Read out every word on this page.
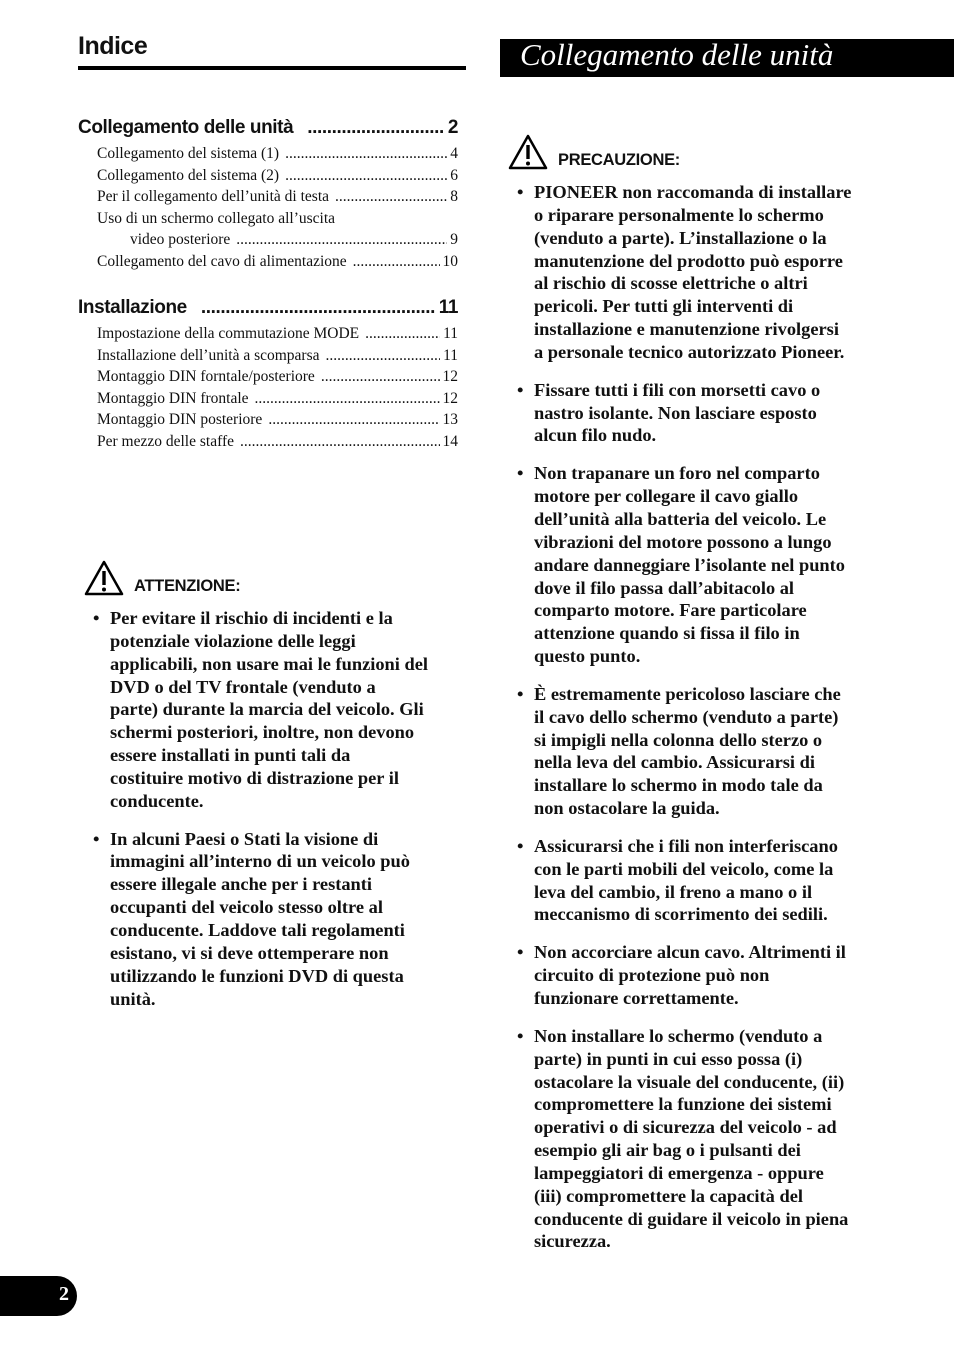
Indice	Collegamento delle unità
Collegamento delle unità .....	2
Collegamento del sistema (1) .....	4
Collegamento del sistema (2) .....	6
Per il collegamento dell’unità di testa .....	8
Uso di un schermo collegato all’uscita
video posteriore .....	9
Collegamento del cavo di alimentazione .....	10
Installazione .....	11
Impostazione della commutazione MODE .....	11
Installazione dell’unità a scomparsa .....	11
Montaggio DIN forntale/posteriore .....	12
Montaggio DIN frontale .....	12
Montaggio DIN posteriore .....	13
Per mezzo delle staffe .....	14
ATTENZIONE:
• Per evitare il rischio di incidenti e la
potenziale violazione delle leggi
applicabili, non usare mai le funzioni del
DVD o del TV frontale (venduto a
parte) durante la marcia del veicolo. Gli
schermi posteriori, inoltre, non devono
essere installati in punti tali da
costituire motivo di distrazione per il
conducente.
• In alcuni Paesi o Stati la visione di
immagini all’interno di un veicolo può
essere illegale anche per i restanti
occupanti del veicolo stesso oltre al
conducente. Laddove tali regolamenti
esistano, vi si deve ottemperare non
utilizzando le funzioni DVD di questa
unità.
PRECAUZIONE:
• PIONEER non raccomanda di installare
o riparare personalmente lo schermo
(venduto a parte). L’installazione o la
manutenzione del prodotto può esporre
al rischio di scosse elettriche o altri
pericoli. Per tutti gli interventi di
installazione e manutenzione rivolgersi
a personale tecnico autorizzato Pioneer.
• Fissare tutti i fili con morsetti cavo o
nastro isolante. Non lasciare esposto
alcun filo nudo.
• Non trapanare un foro nel comparto
motore per collegare il cavo giallo
dell’unità alla batteria del veicolo. Le
vibrazioni del motore possono a lungo
andare danneggiare l’isolante nel punto
dove il filo passa dall’abitacolo al
comparto motore. Fare particolare
attenzione quando si fissa il filo in
questo punto.
• È estremamente pericoloso lasciare che
il cavo dello schermo (venduto a parte)
si impigli nella colonna dello sterzo o
nella leva del cambio. Assicurarsi di
installare lo schermo in modo tale da
non ostacolare la guida.
• Assicurarsi che i fili non interferiscano
con le parti mobili del veicolo, come la
leva del cambio, il freno a mano o il
meccanismo di scorrimento dei sedili.
• Non accorciare alcun cavo. Altrimenti il
circuito di protezione può non
funzionare correttamente.
• Non installare lo schermo (venduto a
parte) in punti in cui esso possa (i)
ostacolare la visuale del conducente, (ii)
compromettere la funzione dei sistemi
operativi o di sicurezza del veicolo - ad
esempio gli air bag o i pulsanti dei
lampeggiatori di emergenza - oppure
(iii) compromettere la capacità del
conducente di guidare il veicolo in piena
sicurezza.
2
